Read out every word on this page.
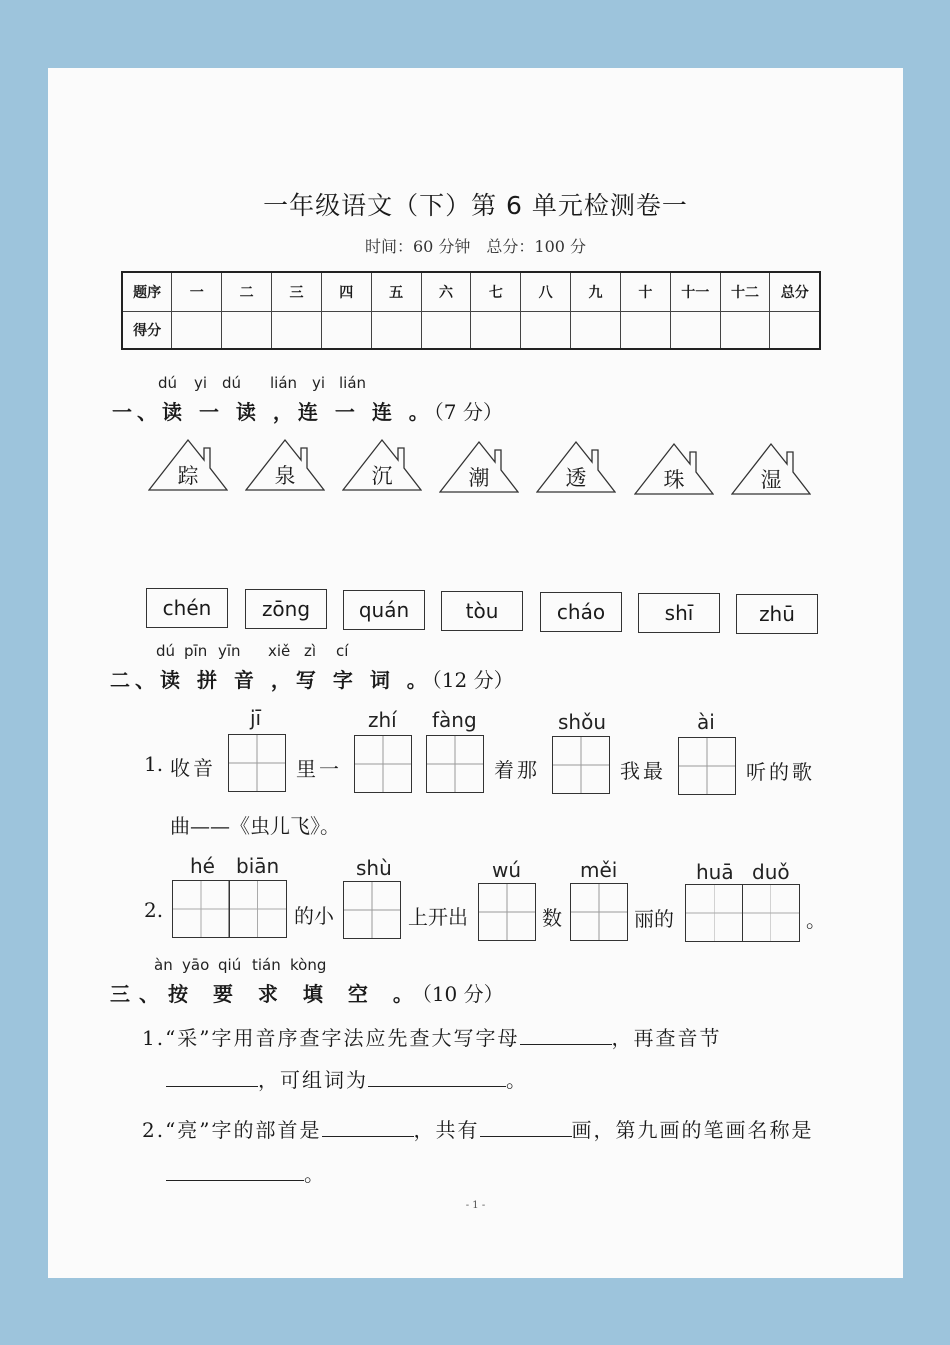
一年级语文（下）第 6 单元检测卷一
时间：60 分钟　总分：100 分
题序	一	二	三	四	五	六	七	八	九	十	十一	十二	总分
得分													
dú yi dú lián yi lián
一、读 一 读 ，连 一 连 。（7 分）
踪	泉	沉	潮	透	珠	湿
chén	zōng	quán	tòu	cháo	shī	zhū
dú pīn yīn xiě zì cí
二、读 拼 音 ，写 字 词 。（12 分）
jī	zhí fàng	shǒu	ài
1. 收音	里一	着那	我最	听的歌
曲——《虫儿飞》。
hé biān	shù	wú	měi	huā duǒ
2.	的小	上开出	数	丽的	。
àn yāo qiú tián kòng
三、按 要 求 填 空 。（10 分）
1.“采”字用音序查字法应先查大写字母	，再查音节
，可组词为	。
2.“亮”字的部首是	，共有	画，第九画的笔画名称是
。
- 1 -
